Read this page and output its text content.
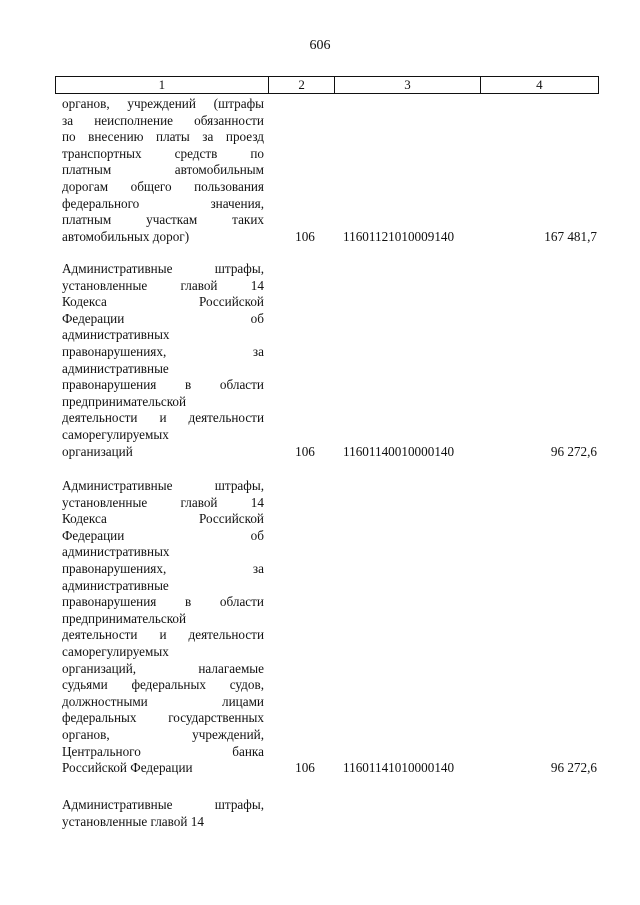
606
1	2	3	4
органов, учреждений (штрафы
за неисполнение обязанности
по внесению платы за проезд
транспортных средств по
платным автомобильным
дорогам общего пользования
федерального значения,
платным участкам таких
автомобильных дорог)	106	11601121010009140	167 481,7
Административные штрафы,
установленные главой 14
Кодекса Российской
Федерации об
административных
правонарушениях, за
административные
правонарушения в области
предпринимательской
деятельности и деятельности
саморегулируемых
организаций	106	11601140010000140	96 272,6
Административные штрафы,
установленные главой 14
Кодекса Российской
Федерации об
административных
правонарушениях, за
административные
правонарушения в области
предпринимательской
деятельности и деятельности
саморегулируемых
организаций, налагаемые
судьями федеральных судов,
должностными лицами
федеральных государственных
органов, учреждений,
Центрального банка
Российской Федерации	106	11601141010000140	96 272,6
Административные штрафы,
установленные главой 14
